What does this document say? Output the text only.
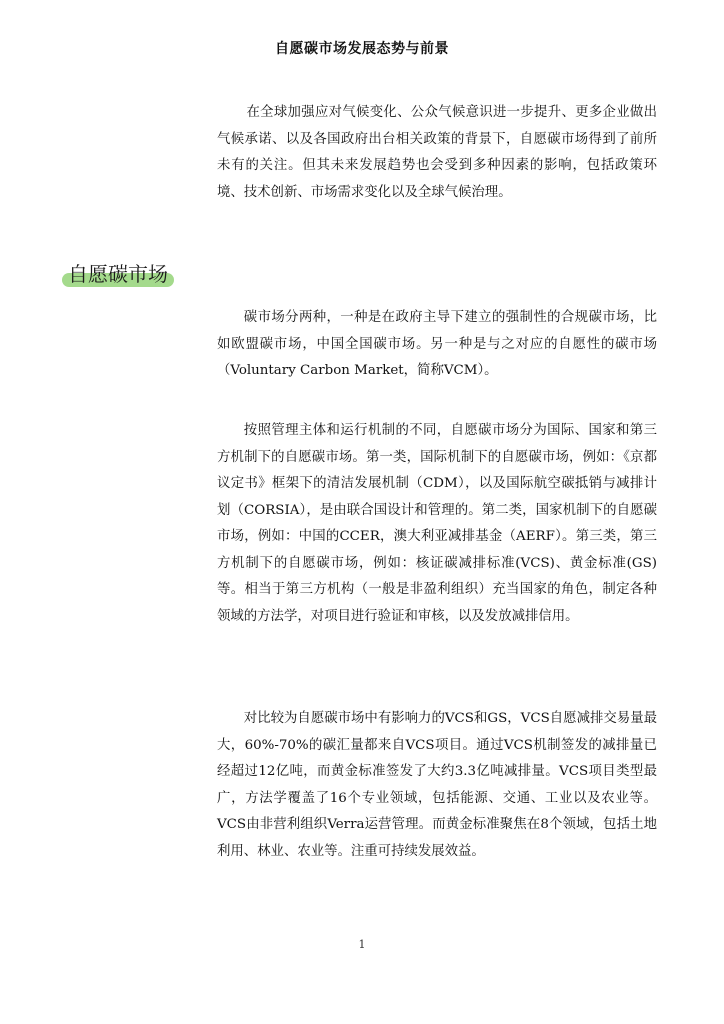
自愿碳市场发展态势与前景

在全球加强应对气候变化、公众气候意识进一步提升、更多企业做出气候承诺、以及各国政府出台相关政策的背景下，自愿碳市场得到了前所未有的关注。但其未来发展趋势也会受到多种因素的影响，包括政策环境、技术创新、市场需求变化以及全球气候治理。

自愿碳市场

碳市场分两种，一种是在政府主导下建立的强制性的合规碳市场，比如欧盟碳市场，中国全国碳市场。另一种是与之对应的自愿性的碳市场（Voluntary Carbon Market，简称VCM）。

按照管理主体和运行机制的不同，自愿碳市场分为国际、国家和第三方机制下的自愿碳市场。第一类，国际机制下的自愿碳市场，例如：《京都议定书》框架下的清洁发展机制（CDM），以及国际航空碳抵销与减排计划（CORSIA），是由联合国设计和管理的。第二类，国家机制下的自愿碳市场，例如：中国的CCER，澳大利亚减排基金（AERF）。第三类，第三方机制下的自愿碳市场，例如：核证碳减排标准(VCS)、黄金标准(GS)等。相当于第三方机构（一般是非盈利组织）充当国家的角色，制定各种领域的方法学，对项目进行验证和审核，以及发放减排信用。

对比较为自愿碳市场中有影响力的VCS和GS，VCS自愿减排交易量最大，60%-70%的碳汇量都来自VCS项目。通过VCS机制签发的减排量已经超过12亿吨，而黄金标准签发了大约3.3亿吨减排量。VCS项目类型最广，方法学覆盖了16个专业领域，包括能源、交通、工业以及农业等。VCS由非营利组织Verra运营管理。而黄金标准聚焦在8个领域，包括土地利用、林业、农业等。注重可持续发展效益。

1
